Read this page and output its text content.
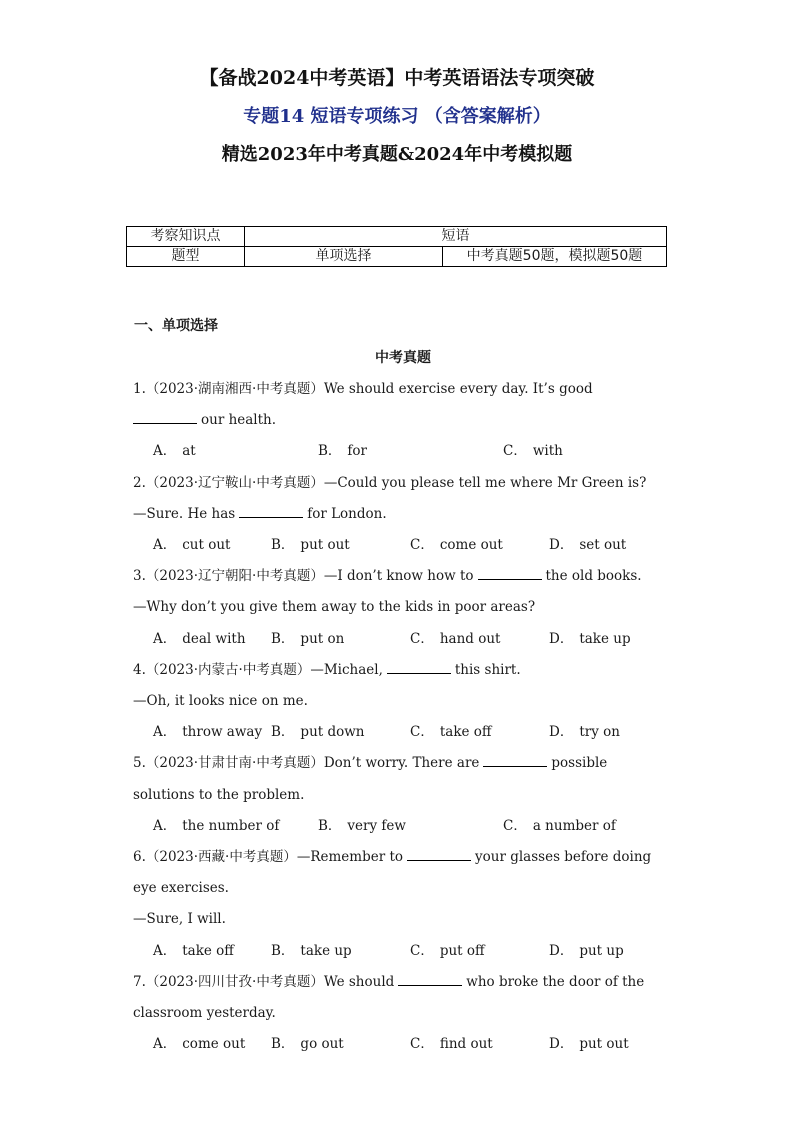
【备战2024中考英语】中考英语语法专项突破
专题14 短语专项练习 （含答案解析）
精选2023年中考真题&2024年中考模拟题
考察知识点	短语	
题型	单项选择	中考真题50题，模拟题50题
一、单项选择
中考真题
1.（2023·湖南湘西·中考真题）We should exercise every day. It’s good
our health.
A． at	B． for	C． with
2.（2023·辽宁鞍山·中考真题）—Could you please tell me where Mr Green is?
—Sure. He has	for London.
A． cut out	B． put out	C． come out	D． set out
3.（2023·辽宁朝阳·中考真题）—I don’t know how to	the old books.
—Why don’t you give them away to the kids in poor areas?
A． deal with	B． put on	C． hand out	D． take up
4.（2023·内蒙古·中考真题）—Michael,	this shirt.
—Oh, it looks nice on me.
A． throw away B． put down	C． take off	D． try on
5.（2023·甘肃甘南·中考真题）Don’t worry. There are	possible
solutions to the problem.
A． the number of	B． very few	C． a number of
6.（2023·西藏·中考真题）—Remember to	your glasses before doing
eye exercises.
—Sure, I will.
A． take off	B． take up	C． put off	D． put up
7.（2023·四川甘孜·中考真题）We should	who broke the door of the
classroom yesterday.
A． come out	B． go out	C． find out	D． put out
